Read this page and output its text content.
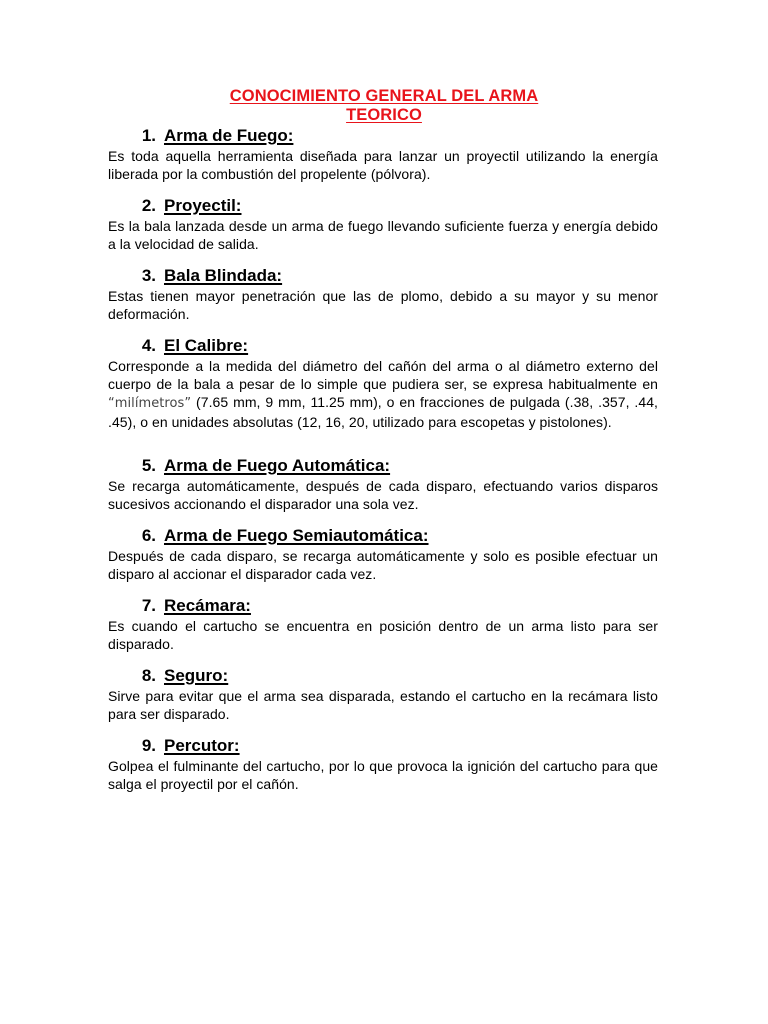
CONOCIMIENTO GENERAL DEL ARMA
TEORICO
1. Arma de Fuego:
Es toda aquella herramienta diseñada para lanzar un proyectil utilizando la energía liberada por la combustión del propelente (pólvora).
2. Proyectil:
Es la bala lanzada desde un arma de fuego llevando suficiente fuerza y energía debido a la velocidad de salida.
3. Bala Blindada:
Estas tienen mayor penetración que las de plomo, debido a su mayor y su menor deformación.
4. El Calibre:
Corresponde a la medida del diámetro del cañón del arma o al diámetro externo del cuerpo de la bala a pesar de lo simple que pudiera ser, se expresa habitualmente en “milímetros” (7.65 mm, 9 mm, 11.25 mm), o en fracciones de pulgada (.38, .357, .44, .45), o en unidades absolutas (12, 16, 20, utilizado para escopetas y pistolones).
5. Arma de Fuego Automática:
Se recarga automáticamente, después de cada disparo, efectuando varios disparos sucesivos accionando el disparador una sola vez.
6. Arma de Fuego Semiautomática:
Después de cada disparo, se recarga automáticamente y solo es posible efectuar un disparo al accionar el disparador cada vez.
7. Recámara:
Es cuando el cartucho se encuentra en posición dentro de un arma listo para ser disparado.
8. Seguro:
Sirve para evitar que el arma sea disparada, estando el cartucho en la recámara listo para ser disparado.
9. Percutor:
Golpea el fulminante del cartucho, por lo que provoca la ignición del cartucho para que salga el proyectil por el cañón.
